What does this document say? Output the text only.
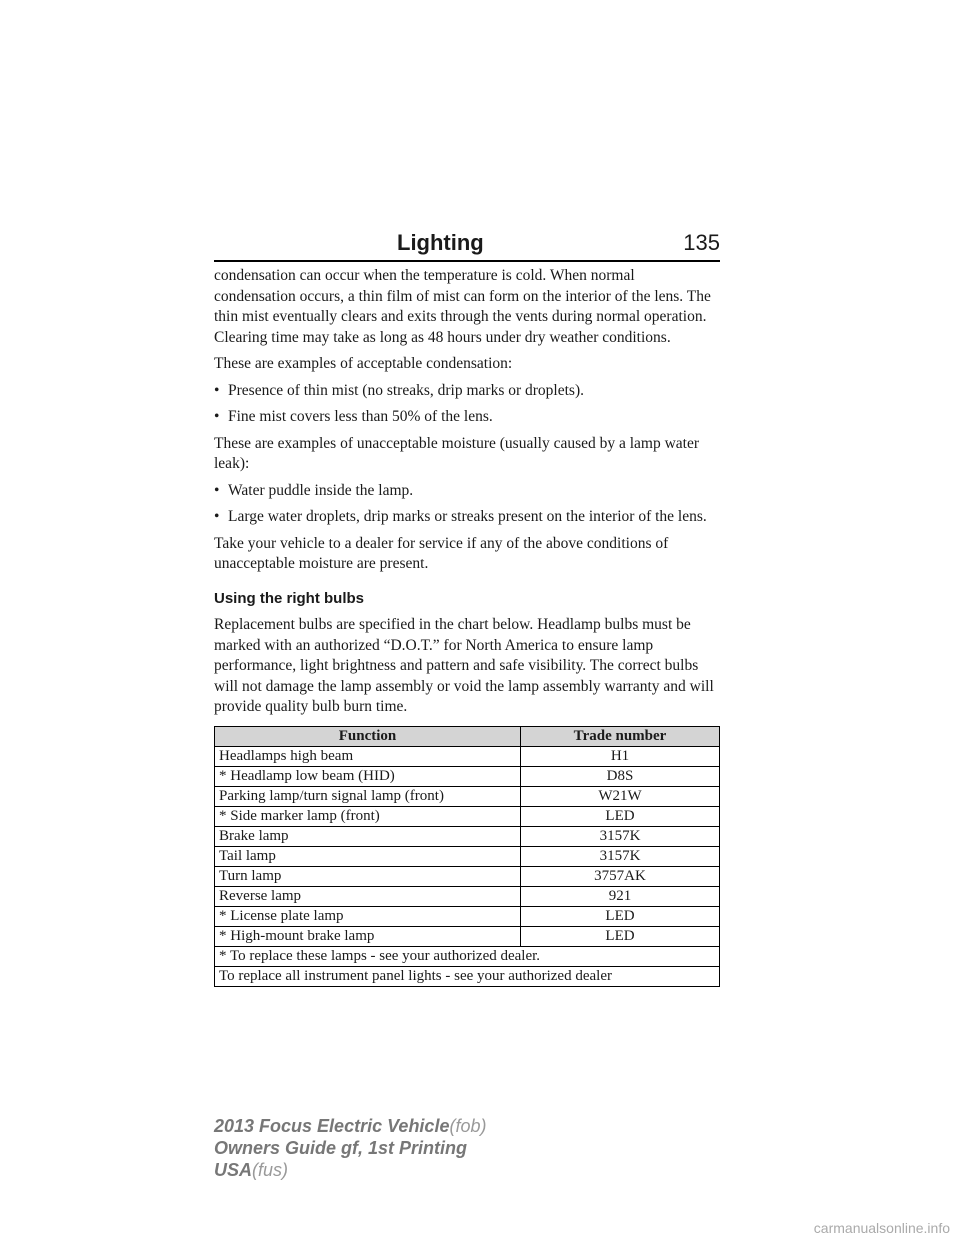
Lighting	135

condensation can occur when the temperature is cold. When normal condensation occurs, a thin film of mist can form on the interior of the lens. The thin mist eventually clears and exits through the vents during normal operation. Clearing time may take as long as 48 hours under dry weather conditions.

These are examples of acceptable condensation:

• Presence of thin mist (no streaks, drip marks or droplets).
• Fine mist covers less than 50% of the lens.

These are examples of unacceptable moisture (usually caused by a lamp water leak):

• Water puddle inside the lamp.
• Large water droplets, drip marks or streaks present on the interior of the lens.

Take your vehicle to a dealer for service if any of the above conditions of unacceptable moisture are present.

Using the right bulbs

Replacement bulbs are specified in the chart below. Headlamp bulbs must be marked with an authorized “D.O.T.” for North America to ensure lamp performance, light brightness and pattern and safe visibility. The correct bulbs will not damage the lamp assembly or void the lamp assembly warranty and will provide quality bulb burn time.

Function	Trade number
Headlamps high beam	H1
* Headlamp low beam (HID)	D8S
Parking lamp/turn signal lamp (front)	W21W
* Side marker lamp (front)	LED
Brake lamp	3157K
Tail lamp	3157K
Turn lamp	3757AK
Reverse lamp	921
* License plate lamp	LED
* High-mount brake lamp	LED
* To replace these lamps - see your authorized dealer.	
To replace all instrument panel lights - see your authorized dealer	
2013 Focus Electric Vehicle(fob)
Owners Guide gf, 1st Printing
USA(fus)
carmanualsonline.info
